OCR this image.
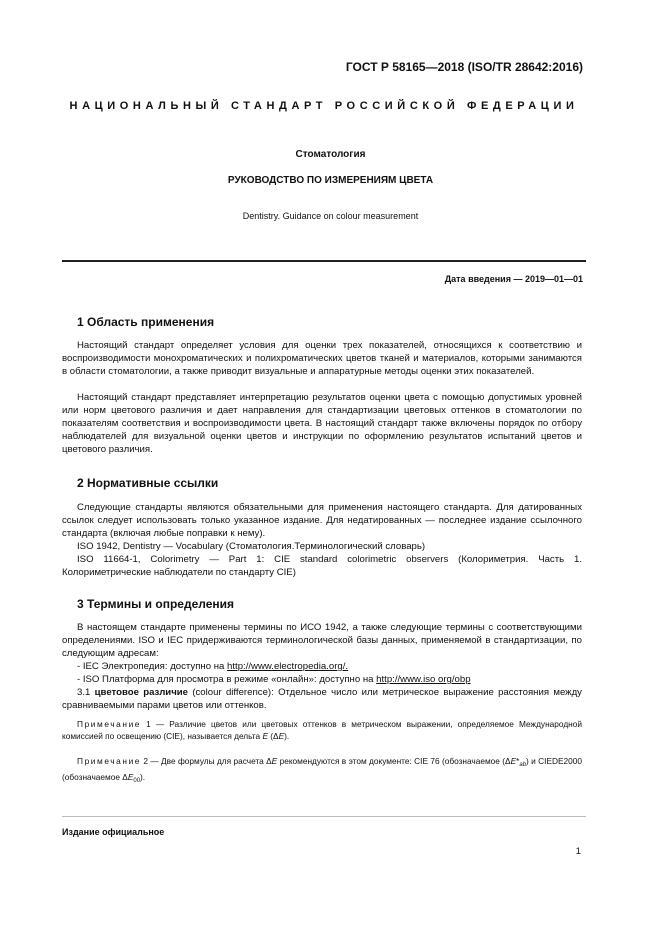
ГОСТ Р 58165—2018 (ISO/TR 28642:2016)
НАЦИОНАЛЬНЫЙ СТАНДАРТ РОССИЙСКОЙ ФЕДЕРАЦИИ
Стоматология
РУКОВОДСТВО ПО ИЗМЕРЕНИЯМ ЦВЕТА
Dentistry. Guidance on colour measurement
Дата введения — 2019—01—01
1 Область применения
Настоящий стандарт определяет условия для оценки трех показателей, относящихся к соответствию и воспроизводимости монохроматических и полихроматических цветов тканей и материалов, которыми занимаются в области стоматологии, а также приводит визуальные и аппаратурные методы оценки этих показателей.
Настоящий стандарт представляет интерпретацию результатов оценки цвета с помощью допустимых уровней или норм цветового различия и дает направления для стандартизации цветовых оттенков в стоматологии по показателям соответствия и воспроизводимости цвета. В настоящий стандарт также включены порядок по отбору наблюдателей для визуальной оценки цветов и инструкции по оформлению результатов испытаний цветов и цветового различия.
2 Нормативные ссылки
Следующие стандарты являются обязательными для применения настоящего стандарта. Для датированных ссылок следует использовать только указанное издание. Для недатированных — последнее издание ссылочного стандарта (включая любые поправки к нему).
ISO 1942, Dentistry — Vocabulary (Стоматология.Терминологический словарь)
ISO 11664-1, Colorimetry — Part 1: CIE standard colorimetric observers (Колориметрия. Часть 1. Колориметрические наблюдатели по стандарту CIE)
3 Термины и определения
В настоящем стандарте применены термины по ИСО 1942, а также следующие термины с соответствующими определениями. ISO и IEC придерживаются терминологической базы данных, применяемой в стандартизации, по следующим адресам:
- IEC Электропедия: доступно на http://www.electropedia.org/.
- ISO Платформа для просмотра в режиме «онлайн»: доступно на http://www.iso org/obp
3.1 цветовое различие (colour difference): Отдельное число или метрическое выражение расстояния между сравниваемыми парами цветов или оттенков.
Примечание 1 — Различие цветов или цветовых оттенков в метрическом выражении, определяемое Международной комиссией по освещению (CIE), называется дельта E (ΔE).
Примечание 2 — Две формулы для расчета ΔE рекомендуются в этом документе: CIE 76 (обозначаемое $(\Delta E*_{ab})$ и CIEDE2000 (обозначаемое $\Delta E_{00}$).
Издание официальное
1
